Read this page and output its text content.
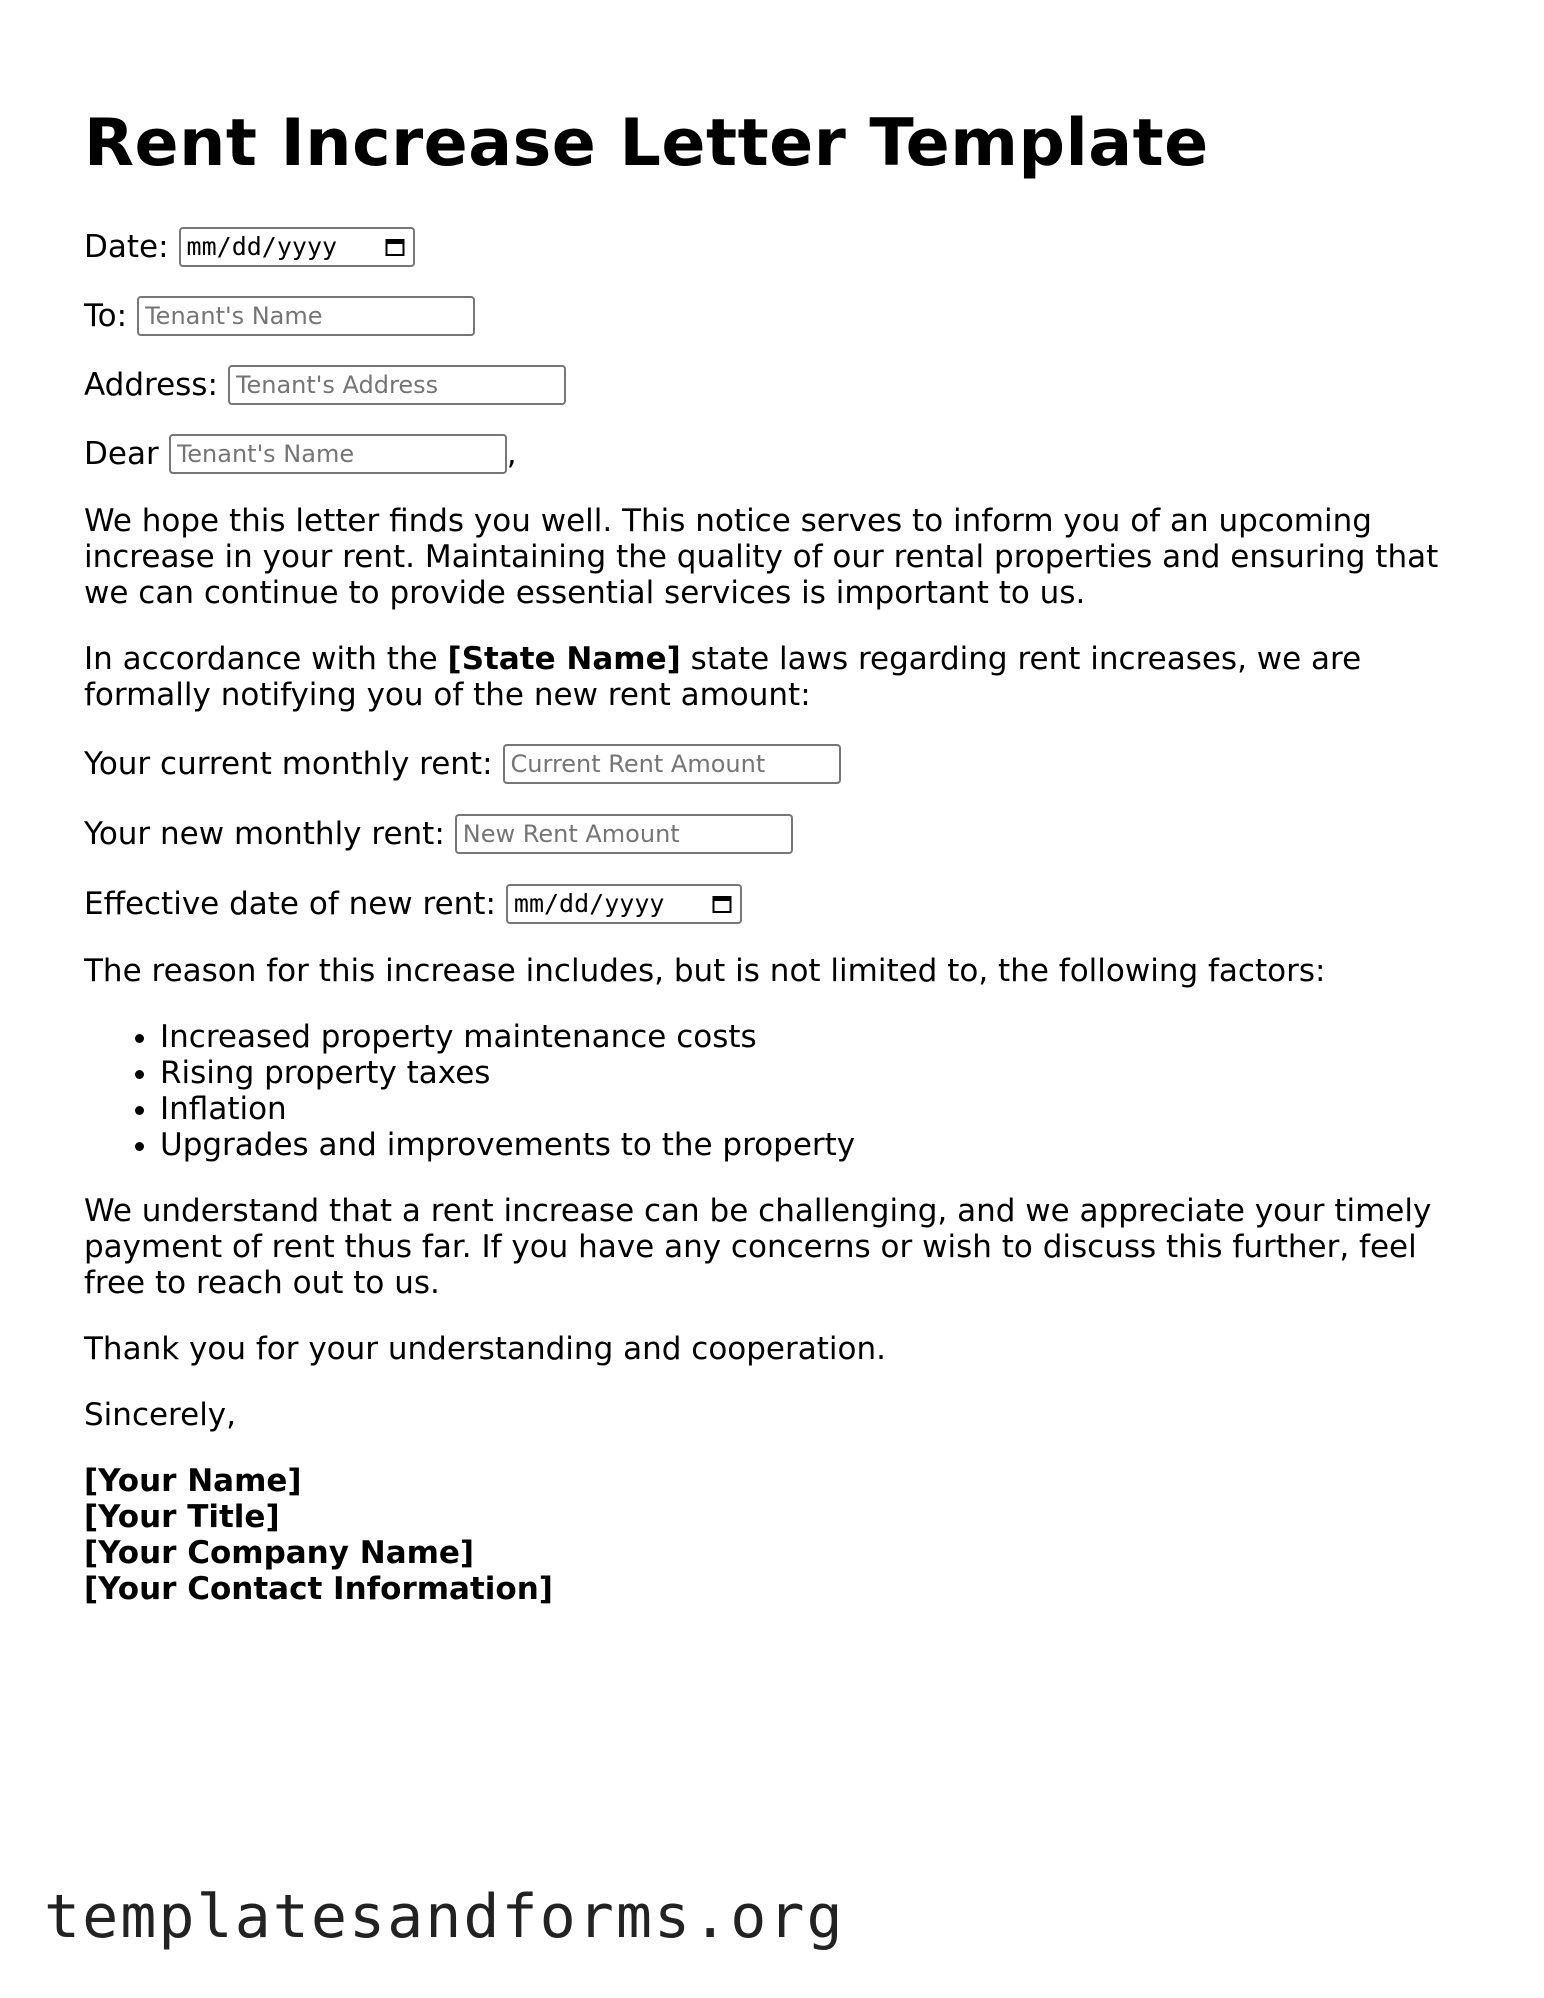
Rent Increase Letter Template
Date: mm/dd/yyyy
To:
Tenant's Name
Address:
Tenant's Address
Dear
Tenant's Name	,

We hope this letter finds you well. This notice serves to inform you of an upcoming increase in your rent. Maintaining the quality of our rental properties and ensuring that we can continue to provide essential services is important to us.

In accordance with the [State Name] state laws regarding rent increases, we are formally notifying you of the new rent amount:

Your current monthly rent:
Current Rent Amount
Your new monthly rent:
New Rent Amount
Effective date of new rent: mm/dd/yyyy

The reason for this increase includes, but is not limited to, the following factors:

• Increased property maintenance costs
• Rising property taxes
• Inflation
• Upgrades and improvements to the property

We understand that a rent increase can be challenging, and we appreciate your timely payment of rent thus far. If you have any concerns or wish to discuss this further, feel free to reach out to us.

Thank you for your understanding and cooperation.

Sincerely,

[Your Name]
[Your Title]
[Your Company Name]
[Your Contact Information]
templatesandforms.org
